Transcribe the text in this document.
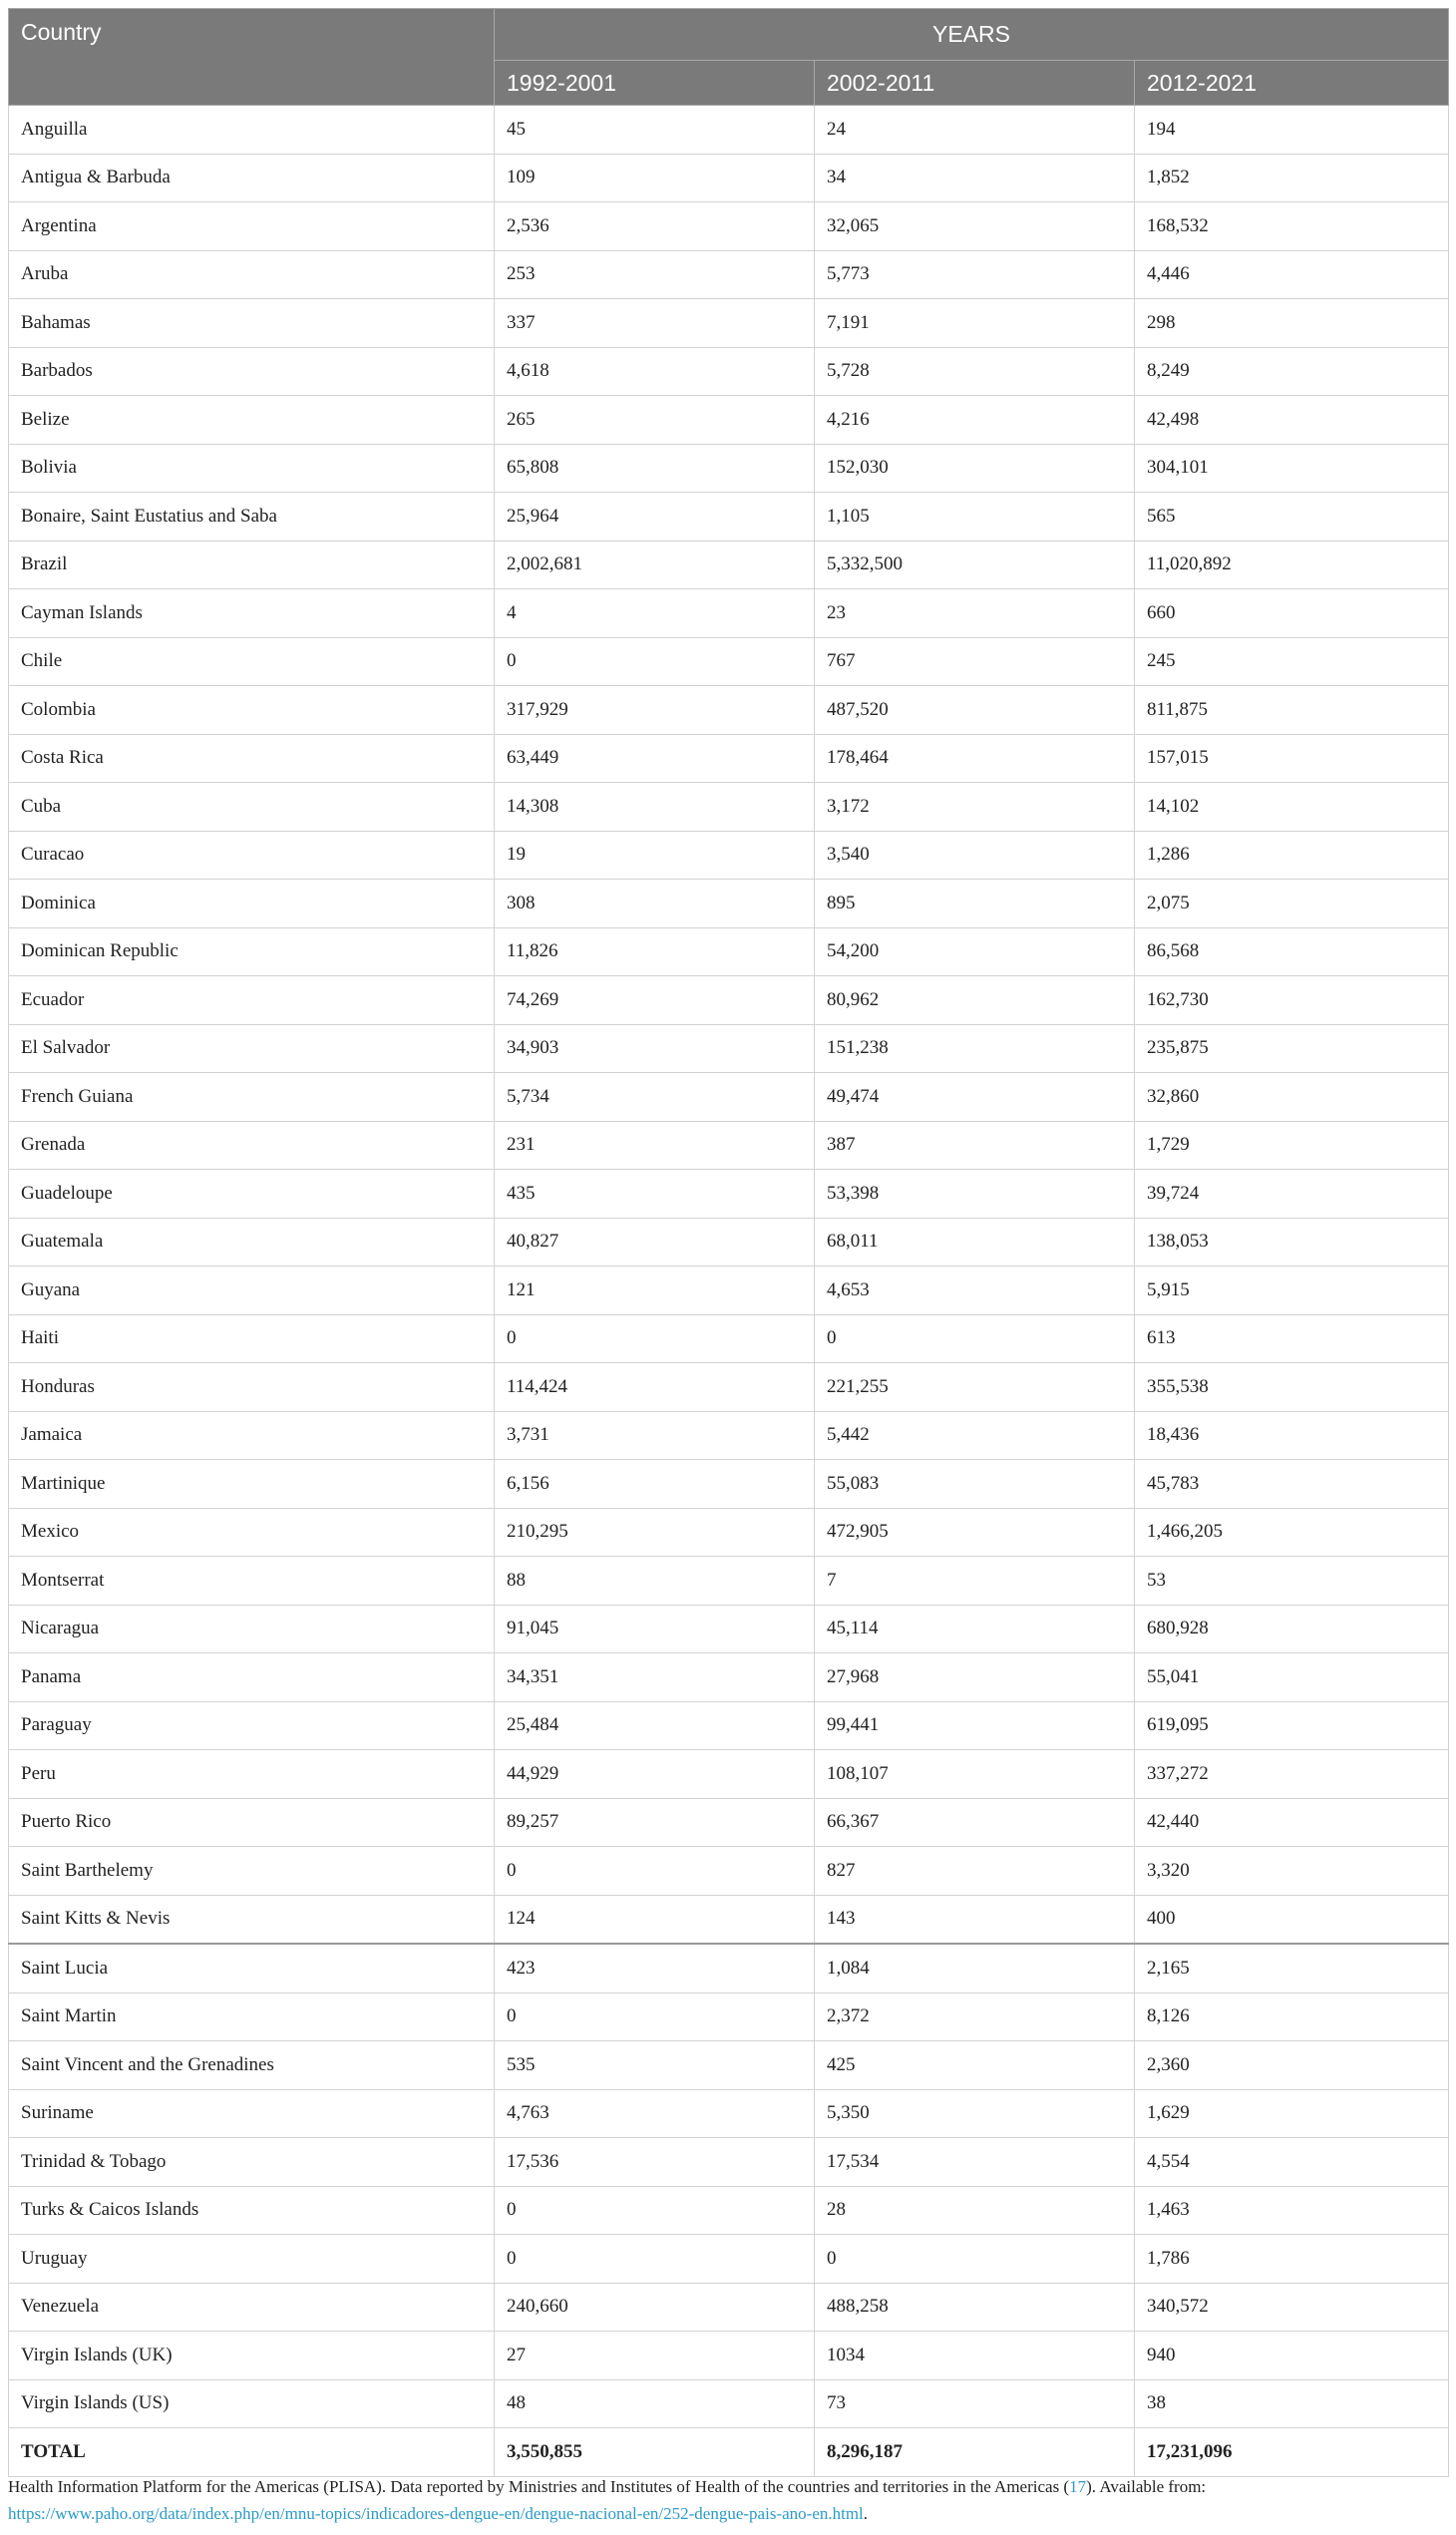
Country	YEARS		
	1992-2001	2002-2011	2012-2021
Anguilla	45	24	194
Antigua & Barbuda	109	34	1,852
Argentina	2,536	32,065	168,532
Aruba	253	5,773	4,446
Bahamas	337	7,191	298
Barbados	4,618	5,728	8,249
Belize	265	4,216	42,498
Bolivia	65,808	152,030	304,101
Bonaire, Saint Eustatius and Saba	25,964	1,105	565
Brazil	2,002,681	5,332,500	11,020,892
Cayman Islands	4	23	660
Chile	0	767	245
Colombia	317,929	487,520	811,875
Costa Rica	63,449	178,464	157,015
Cuba	14,308	3,172	14,102
Curacao	19	3,540	1,286
Dominica	308	895	2,075
Dominican Republic	11,826	54,200	86,568
Ecuador	74,269	80,962	162,730
El Salvador	34,903	151,238	235,875
French Guiana	5,734	49,474	32,860
Grenada	231	387	1,729
Guadeloupe	435	53,398	39,724
Guatemala	40,827	68,011	138,053
Guyana	121	4,653	5,915
Haiti	0	0	613
Honduras	114,424	221,255	355,538
Jamaica	3,731	5,442	18,436
Martinique	6,156	55,083	45,783
Mexico	210,295	472,905	1,466,205
Montserrat	88	7	53
Nicaragua	91,045	45,114	680,928
Panama	34,351	27,968	55,041
Paraguay	25,484	99,441	619,095
Peru	44,929	108,107	337,272
Puerto Rico	89,257	66,367	42,440
Saint Barthelemy	0	827	3,320
Saint Kitts & Nevis	124	143	400
Saint Lucia	423	1,084	2,165
Saint Martin	0	2,372	8,126
Saint Vincent and the Grenadines	535	425	2,360
Suriname	4,763	5,350	1,629
Trinidad & Tobago	17,536	17,534	4,554
Turks & Caicos Islands	0	28	1,463
Uruguay	0	0	1,786
Venezuela	240,660	488,258	340,572
Virgin Islands (UK)	27	1034	940
Virgin Islands (US)	48	73	38
TOTAL	3,550,855	8,296,187	17,231,096
Health Information Platform for the Americas (PLISA). Data reported by Ministries and Institutes of Health of the countries and territories in the Americas (17). Available from: https://www.paho.org/data/index.php/en/mnu-topics/indicadores-dengue-en/dengue-nacional-en/252-dengue-pais-ano-en.html.
